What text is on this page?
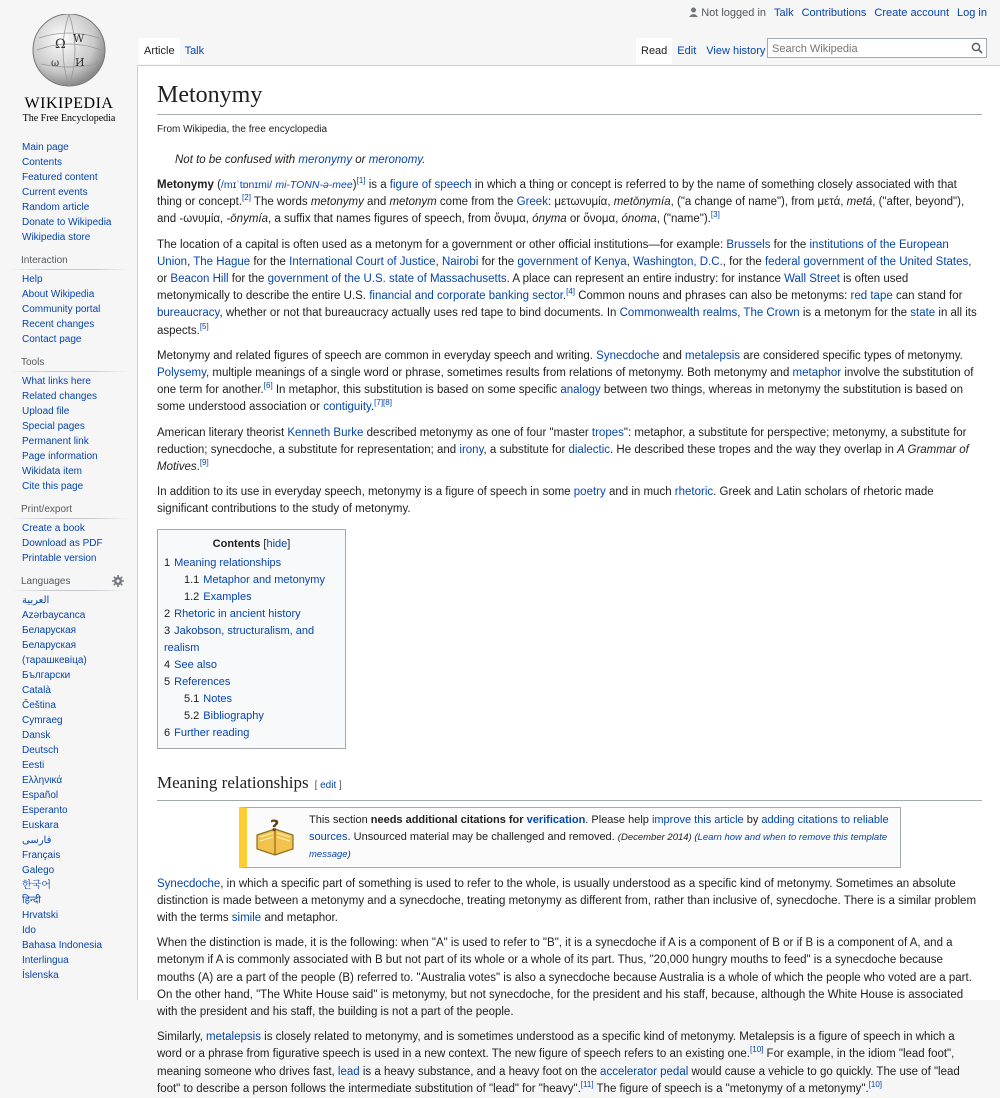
Ω W
ω И
WIKIPEDIA
The Free Encyclopedia
Not logged in Talk Contributions Create account Log in
Article Talk	Read Edit View history
Search Wikipedia
Main page
Contents
Featured content
Current events
Random article
Donate to Wikipedia
Wikipedia store
Interaction
Help
About Wikipedia
Community portal
Recent changes
Contact page
Tools
What links here
Related changes
Upload file
Special pages
Permanent link
Page information
Wikidata item
Cite this page
Print/export
Create a book
Download as PDF
Printable version
Languages
العربية
Azərbaycanca
Беларуская
Беларуская (тарашкевіца)
Български
Català
Čeština
Cymraeg
Dansk
Deutsch
Eesti
Ελληνικά
Español
Esperanto
Euskara
فارسی
Français
Galego
한국어
हिन्दी
Hrvatski
Ido
Bahasa Indonesia
Interlingua
Íslenska
Metonymy
From Wikipedia, the free encyclopedia
Not to be confused with meronymy or meronomy.

Metonymy (/mɪˈtɒnɪmi/ mi-TONN-ə-mee)[1] is a figure of speech in which a thing or concept is referred to by the name of something closely associated with that thing or concept.[2] The words metonymy and metonym come from the Greek: μετωνυμία, metōnymía, ("a change of name"), from μετά, metá, ("after, beyond"), and -ωνυμία, -ōnymía, a suffix that names figures of speech, from ὄνυμα, ónyma or ὄνομα, ónoma, ("name").[3]

The location of a capital is often used as a metonym for a government or other official institutions—for example: Brussels for the institutions of the European Union, The Hague for the International Court of Justice, Nairobi for the government of Kenya, Washington, D.C., for the federal government of the United States, or Beacon Hill for the government of the U.S. state of Massachusetts. A place can represent an entire industry: for instance Wall Street is often used metonymically to describe the entire U.S. financial and corporate banking sector.[4] Common nouns and phrases can also be metonyms: red tape can stand for bureaucracy, whether or not that bureaucracy actually uses red tape to bind documents. In Commonwealth realms, The Crown is a metonym for the state in all its aspects.[5]

Metonymy and related figures of speech are common in everyday speech and writing. Synecdoche and metalepsis are considered specific types of metonymy. Polysemy, multiple meanings of a single word or phrase, sometimes results from relations of metonymy. Both metonymy and metaphor involve the substitution of one term for another.[6] In metaphor, this substitution is based on some specific analogy between two things, whereas in metonymy the substitution is based on some understood association or contiguity.[7][8]

American literary theorist Kenneth Burke described metonymy as one of four "master tropes": metaphor, a substitute for perspective; metonymy, a substitute for reduction; synecdoche, a substitute for representation; and irony, a substitute for dialectic. He described these tropes and the way they overlap in A Grammar of Motives.[9]

In addition to its use in everyday speech, metonymy is a figure of speech in some poetry and in much rhetoric. Greek and Latin scholars of rhetoric made significant contributions to the study of metonymy.

Contents [hide]
1 Meaning relationships
1.1 Metaphor and metonymy
1.2 Examples
2 Rhetoric in ancient history
3 Jakobson, structuralism, and realism
4 See also
5 References
5.1 Notes
5.2 Bibliography
6 Further reading
Meaning relationships [ edit ]
?	This section needs additional citations for verification. Please help improve this article by adding citations to reliable sources. Unsourced material may be challenged and removed. (December 2014) (Learn how and when to remove this template message)

Synecdoche, in which a specific part of something is used to refer to the whole, is usually understood as a specific kind of metonymy. Sometimes an absolute distinction is made between a metonymy and a synecdoche, treating metonymy as different from, rather than inclusive of, synecdoche. There is a similar problem with the terms simile and metaphor.

When the distinction is made, it is the following: when "A" is used to refer to "B", it is a synecdoche if A is a component of B or if B is a component of A, and a metonym if A is commonly associated with B but not part of its whole or a whole of its part. Thus, "20,000 hungry mouths to feed" is a synecdoche because mouths (A) are a part of the people (B) referred to. "Australia votes" is also a synecdoche because Australia is a whole of which the people who voted are a part. On the other hand, "The White House said" is metonymy, but not synecdoche, for the president and his staff, because, although the White House is associated with the president and his staff, the building is not a part of the people.

Similarly, metalepsis is closely related to metonymy, and is sometimes understood as a specific kind of metonymy. Metalepsis is a figure of speech in which a word or a phrase from figurative speech is used in a new context. The new figure of speech refers to an existing one.[10] For example, in the idiom "lead foot", meaning someone who drives fast, lead is a heavy substance, and a heavy foot on the accelerator pedal would cause a vehicle to go quickly. The use of "lead foot" to describe a person follows the intermediate substitution of "lead" for "heavy".[11] The figure of speech is a "metonymy of a metonymy".[10]
